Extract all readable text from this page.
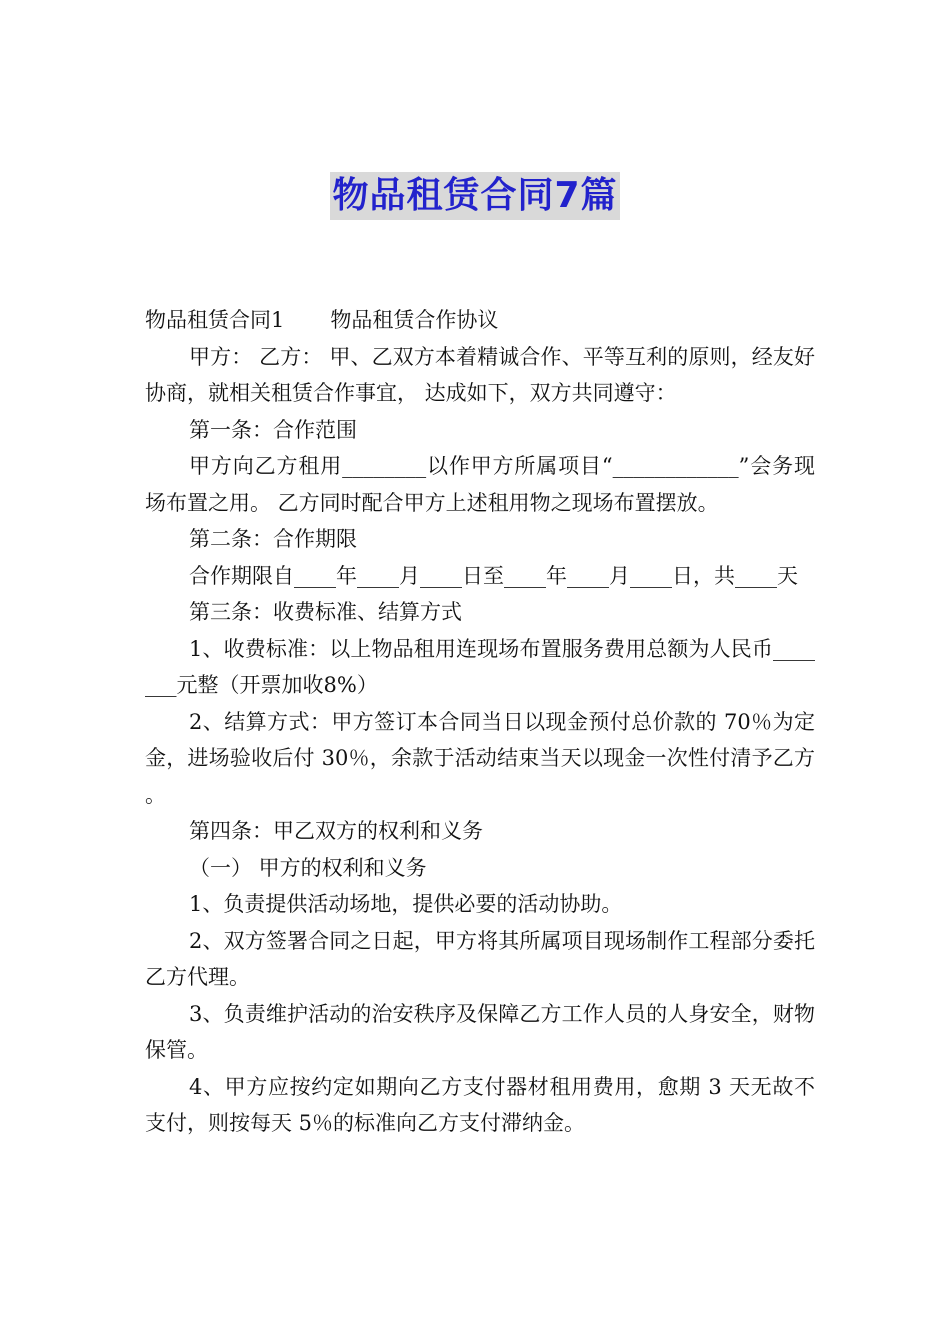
物品租赁合同7篇

物品租赁合同1 物品租赁合作协议

甲方： 乙方： 甲、乙双方本着精诚合作、平等互利的原则，经友好协商，就相关租赁合作事宜， 达成如下，双方共同遵守：

第一条：合作范围

甲方向乙方租用________以作甲方所属项目“____________”会务现场布置之用。 乙方同时配合甲方上述租用物之现场布置摆放。

第二条：合作期限

合作期限自____年____月____日至____年____月____日，共____天

第三条：收费标准、结算方式

1、收费标准：以上物品租用连现场布置服务费用总额为人民币_______元整（开票加收8%）

2、结算方式：甲方签订本合同当日以现金预付总价款的 70％为定金，进场验收后付 30％，余款于活动结束当天以现金一次性付清予乙方 。

第四条：甲乙双方的权利和义务

（一） 甲方的权利和义务

1、负责提供活动场地，提供必要的活动协助。

2、双方签署合同之日起，甲方将其所属项目现场制作工程部分委托乙方代理。

3、负责维护活动的治安秩序及保障乙方工作人员的人身安全，财物保管。

4、甲方应按约定如期向乙方支付器材租用费用，愈期 3 天无故不支付，则按每天 5％的标准向乙方支付滞纳金。
